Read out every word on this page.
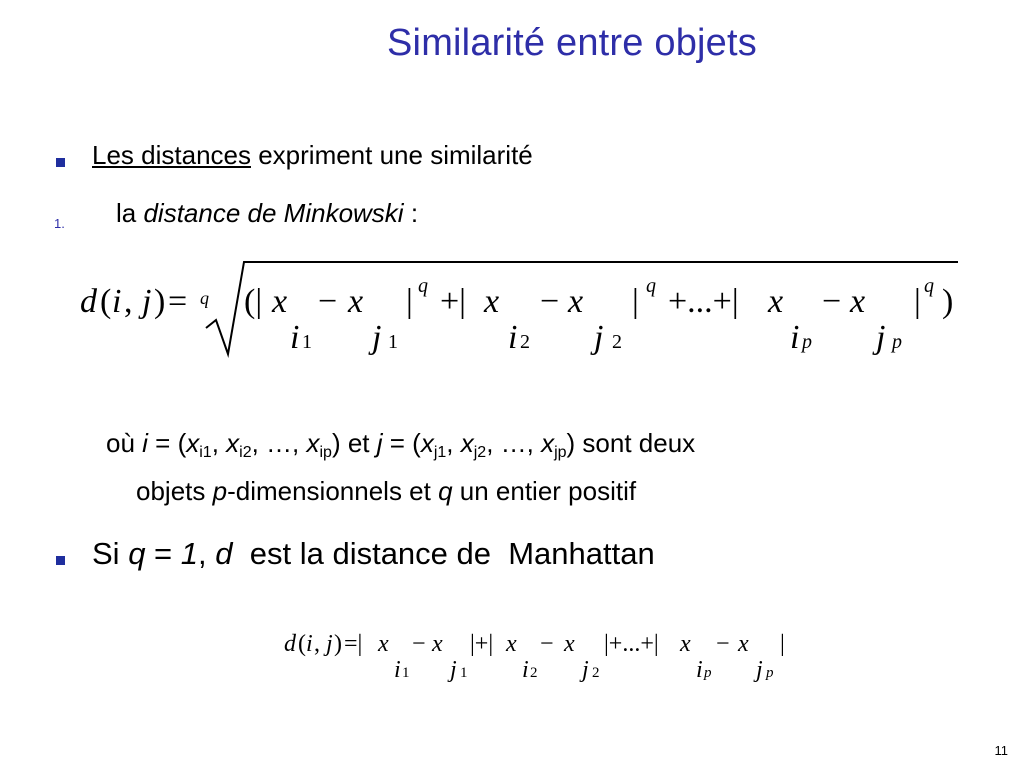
Similarité entre objets
Les distances expriment une similarité
1. la distance de Minkowski :
d ( i , j ) = q (| x
i 1
− x
j 1
| q +| x
i 2
− x
j 2
| q +...+| x
i p
− x
j p
| q )
où $i = (x_{i1}$, $x_{i2}$, …, $x_{ip}$) et $j = (x_{j1}$, $x_{j2}$, …, $x_{jp}$) sont deux
objets p-dimensionnels et q un entier positif
Si q = 1, d  est la distance de  Manhattan
d ( i , j ) =| x
i 1
− x
j 1
|+| x
i 2
− x
j 2
|+...+| x
i p
− x
j p
|
11
